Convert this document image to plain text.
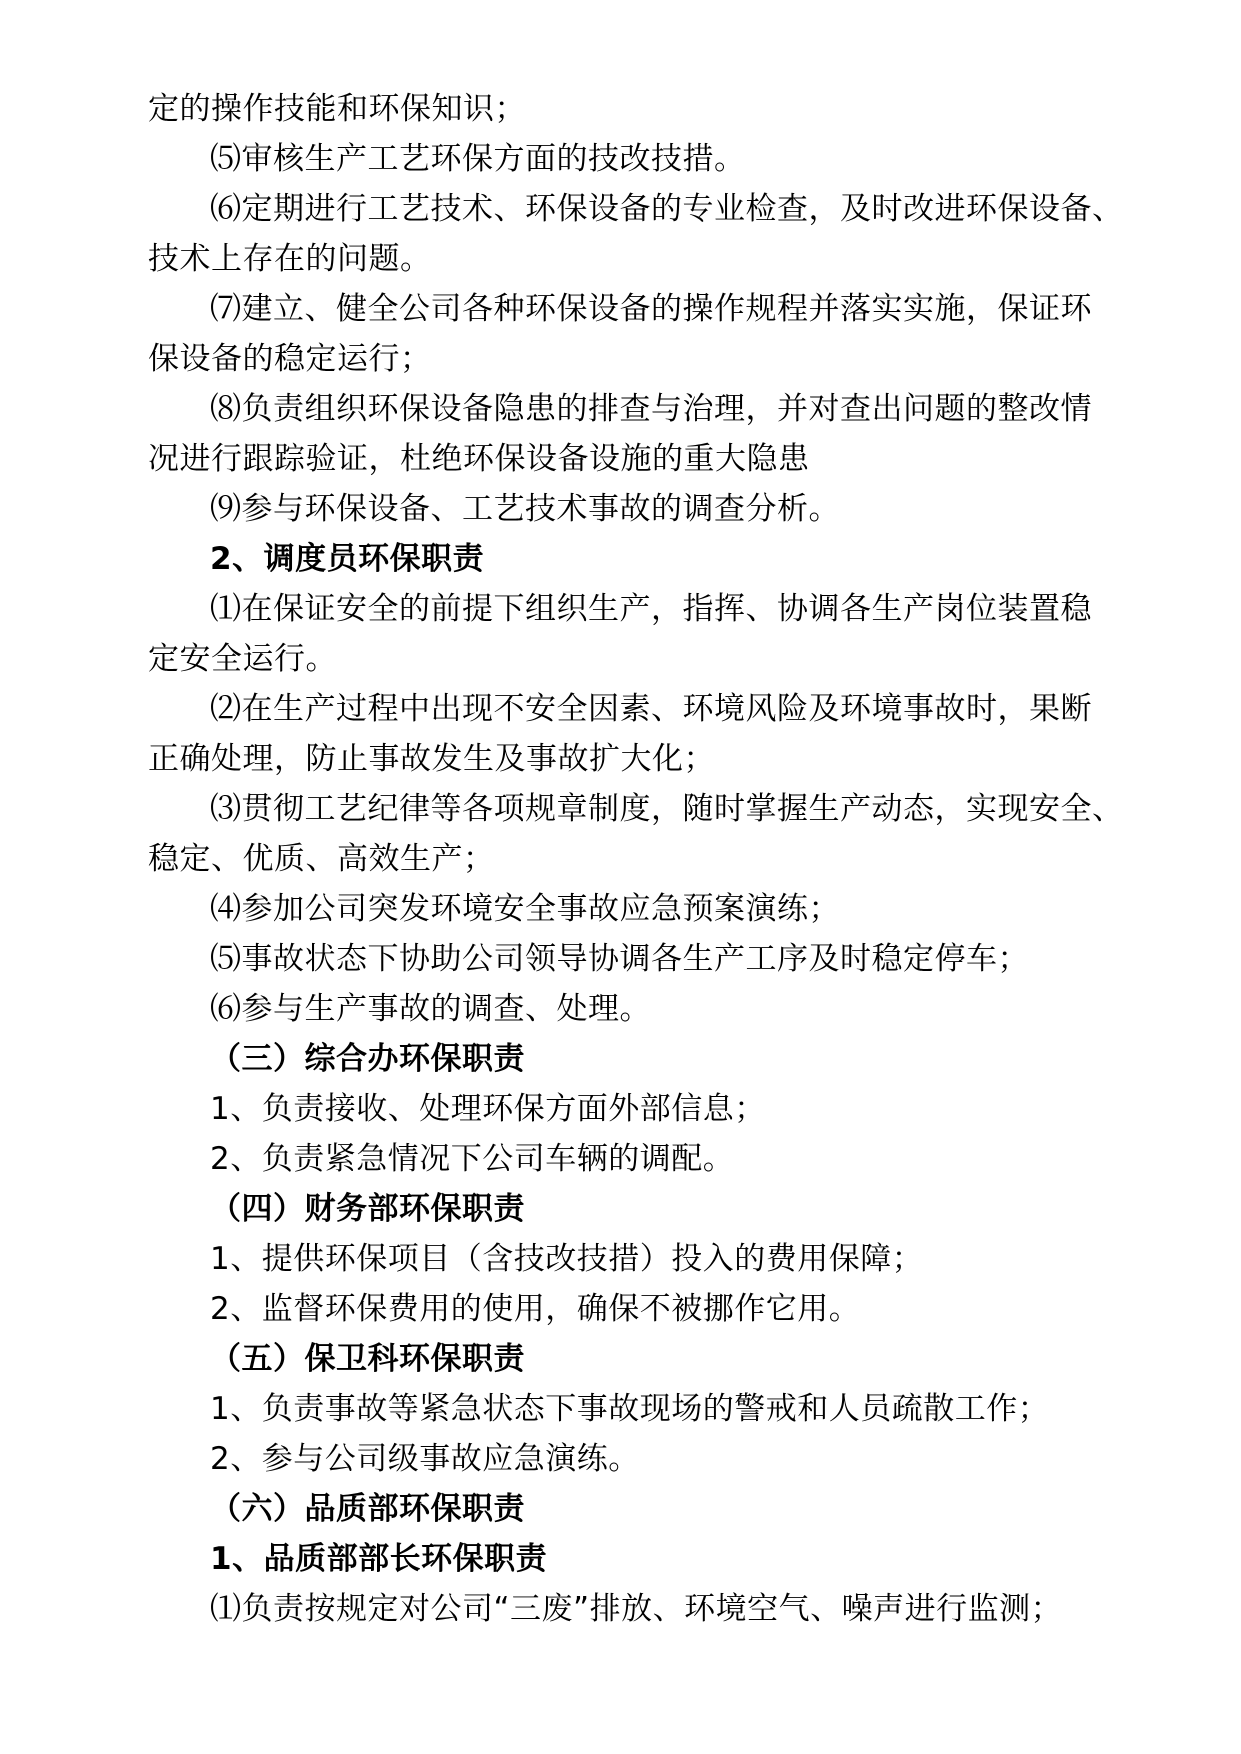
定的操作技能和环保知识；
⑸审核生产工艺环保方面的技改技措。
⑹定期进行工艺技术、环保设备的专业检查，及时改进环保设备、
技术上存在的问题。
⑺建立、健全公司各种环保设备的操作规程并落实实施，保证环
保设备的稳定运行；
⑻负责组织环保设备隐患的排查与治理，并对查出问题的整改情
况进行跟踪验证，杜绝环保设备设施的重大隐患
⑼参与环保设备、工艺技术事故的调查分析。
2、调度员环保职责
⑴在保证安全的前提下组织生产，指挥、协调各生产岗位装置稳
定安全运行。
⑵在生产过程中出现不安全因素、环境风险及环境事故时，果断
正确处理，防止事故发生及事故扩大化；
⑶贯彻工艺纪律等各项规章制度，随时掌握生产动态，实现安全、
稳定、优质、高效生产；
⑷参加公司突发环境安全事故应急预案演练；
⑸事故状态下协助公司领导协调各生产工序及时稳定停车；
⑹参与生产事故的调查、处理。
（三）综合办环保职责
1、负责接收、处理环保方面外部信息；
2、负责紧急情况下公司车辆的调配。
（四）财务部环保职责
1、提供环保项目（含技改技措）投入的费用保障；
2、监督环保费用的使用，确保不被挪作它用。
（五）保卫科环保职责
1、负责事故等紧急状态下事故现场的警戒和人员疏散工作；
2、参与公司级事故应急演练。
（六）品质部环保职责
1、品质部部长环保职责
⑴负责按规定对公司“三废”排放、环境空气、噪声进行监测；
